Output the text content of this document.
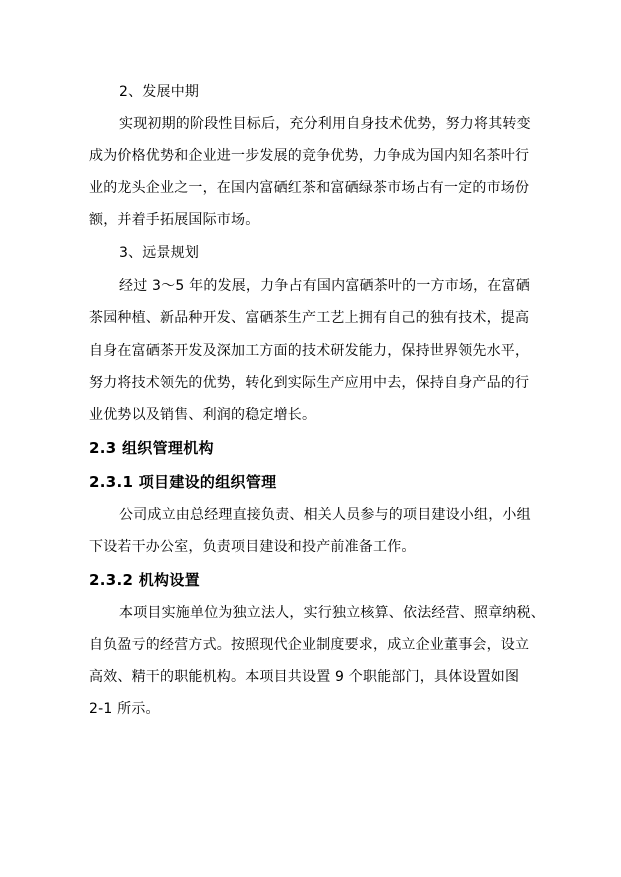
2、发展中期
实现初期的阶段性目标后，充分利用自身技术优势，努力将其转变
成为价格优势和企业进一步发展的竞争优势，力争成为国内知名茶叶行
业的龙头企业之一，在国内富硒红茶和富硒绿茶市场占有一定的市场份
额，并着手拓展国际市场。
3、远景规划
经过 3～5 年的发展，力争占有国内富硒茶叶的一方市场，在富硒
茶园种植、新品种开发、富硒茶生产工艺上拥有自己的独有技术，提高
自身在富硒茶开发及深加工方面的技术研发能力，保持世界领先水平，
努力将技术领先的优势，转化到实际生产应用中去，保持自身产品的行
业优势以及销售、利润的稳定增长。
2.3 组织管理机构
2.3.1 项目建设的组织管理
公司成立由总经理直接负责、相关人员参与的项目建设小组，小组
下设若干办公室，负责项目建设和投产前准备工作。
2.3.2 机构设置
本项目实施单位为独立法人，实行独立核算、依法经营、照章纳税、
自负盈亏的经营方式。按照现代企业制度要求，成立企业董事会，设立
高效、精干的职能机构。本项目共设置 9 个职能部门，具体设置如图
2-1 所示。
